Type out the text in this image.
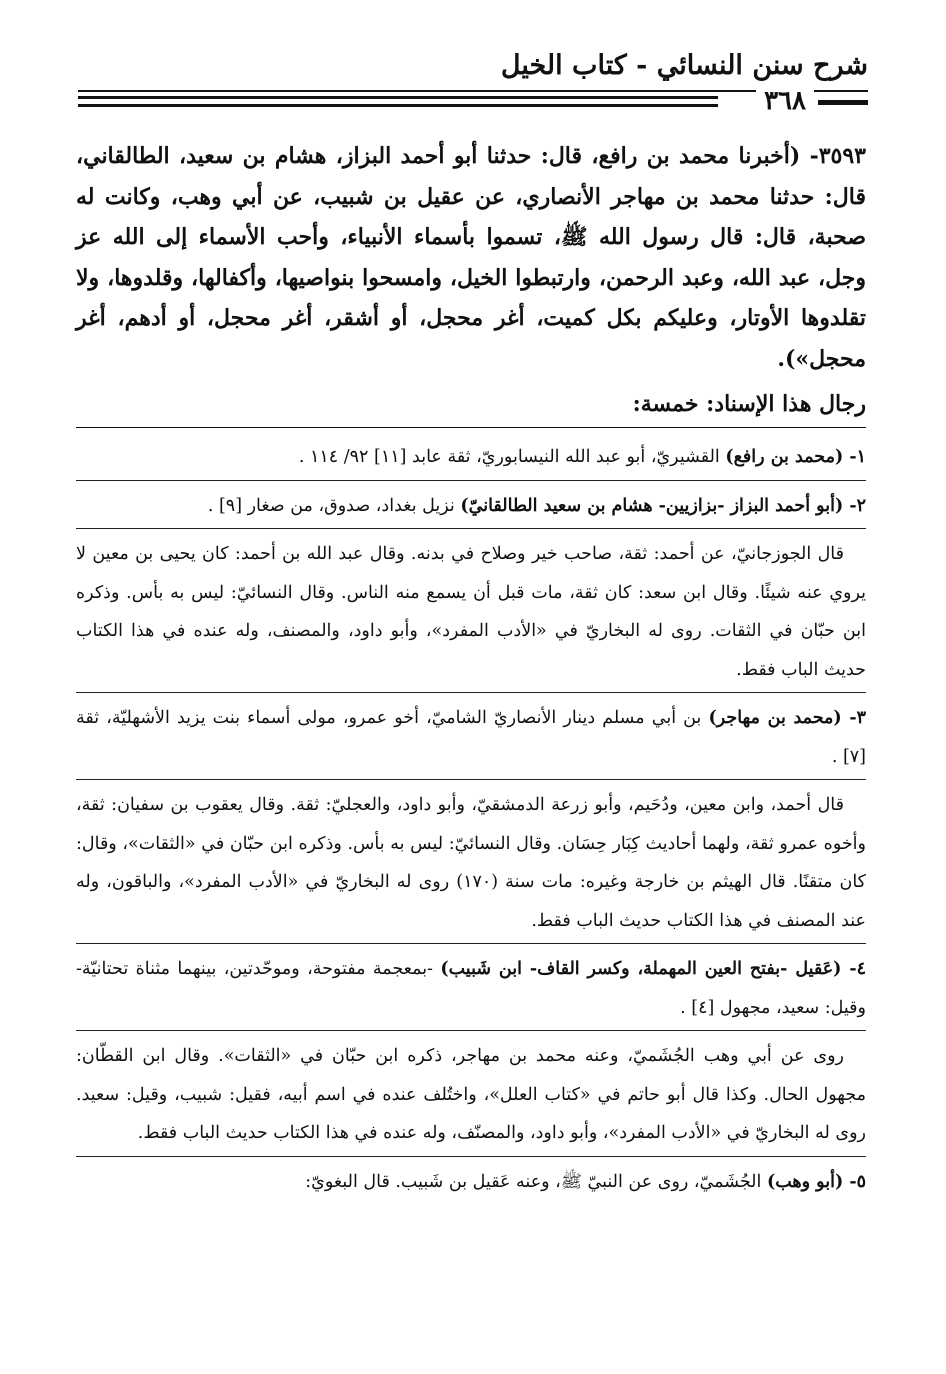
شرح سنن النسائي - كتاب الخيل
٣٦٨

٣٥٩٣- (أخبرنا محمد بن رافع، قال: حدثنا أبو أحمد البزاز، هشام بن سعيد، الطالقاني، قال: حدثنا محمد بن مهاجر الأنصاري، عن عقيل بن شبيب، عن أبي وهب، وكانت له صحبة، قال: قال رسول الله ﷺ، تسموا بأسماء الأنبياء، وأحب الأسماء إلى الله عز وجل، عبد الله، وعبد الرحمن، وارتبطوا الخيل، وامسحوا بنواصيها، وأكفالها، وقلدوها، ولا تقلدوها الأوتار، وعليكم بكل كميت، أغر محجل، أو أشقر، أغر محجل، أو أدهم، أغر محجل»).

رجال هذا الإسناد: خمسة:

١- (محمد بن رافع) القشيريّ، أبو عبد الله النيسابوريّ، ثقة عابد [١١] ٩٢/ ١١٤ .

٢- (أبو أحمد البزاز -بزازيين- هشام بن سعيد الطالقانيّ) نزيل بغداد، صدوق، من صغار [٩] .

قال الجوزجانيّ، عن أحمد: ثقة، صاحب خير وصلاح في بدنه. وقال عبد الله بن أحمد: كان يحيى بن معين لا يروي عنه شيئًا. وقال ابن سعد: كان ثقة، مات قبل أن يسمع منه الناس. وقال النسائيّ: ليس به بأس. وذكره ابن حبّان في الثقات. روى له البخاريّ في «الأدب المفرد»، وأبو داود، والمصنف، وله عنده في هذا الكتاب حديث الباب فقط.

٣- (محمد بن مهاجر) بن أبي مسلم دينار الأنصاريّ الشاميّ، أخو عمرو، مولى أسماء بنت يزيد الأشهليّة، ثقة [٧] .

قال أحمد، وابن معين، ودُحَيم، وأبو زرعة الدمشقيّ، وأبو داود، والعجليّ: ثقة. وقال يعقوب بن سفيان: ثقة، وأخوه عمرو ثقة، ولهما أحاديث كِبَار حِسَان. وقال النسائيّ: ليس به بأس. وذكره ابن حبّان في «الثقات»، وقال: كان متقنًا. قال الهيثم بن خارجة وغيره: مات سنة (١٧٠) روى له البخاريّ في «الأدب المفرد»، والباقون، وله عند المصنف في هذا الكتاب حديث الباب فقط.

٤- (عَقيل -بفتح العين المهملة، وكسر القاف- ابن شَبيب) -بمعجمة مفتوحة، وموحّدتين، بينهما مثناة تحتانيّة- وقيل: سعيد، مجهول [٤] .

روى عن أبي وهب الجُشَميّ، وعنه محمد بن مهاجر، ذكره ابن حبّان في «الثقات». وقال ابن القطّان: مجهول الحال. وكذا قال أبو حاتم في «كتاب العلل»، واختُلف عنده في اسم أبيه، فقيل: شبيب، وقيل: سعيد. روى له البخاريّ في «الأدب المفرد»، وأبو داود، والمصنّف، وله عنده في هذا الكتاب حديث الباب فقط.

٥- (أبو وهب) الجُشَميّ، روى عن النبيّ ﷺ، وعنه عَقيل بن شَبيب. قال البغويّ:
